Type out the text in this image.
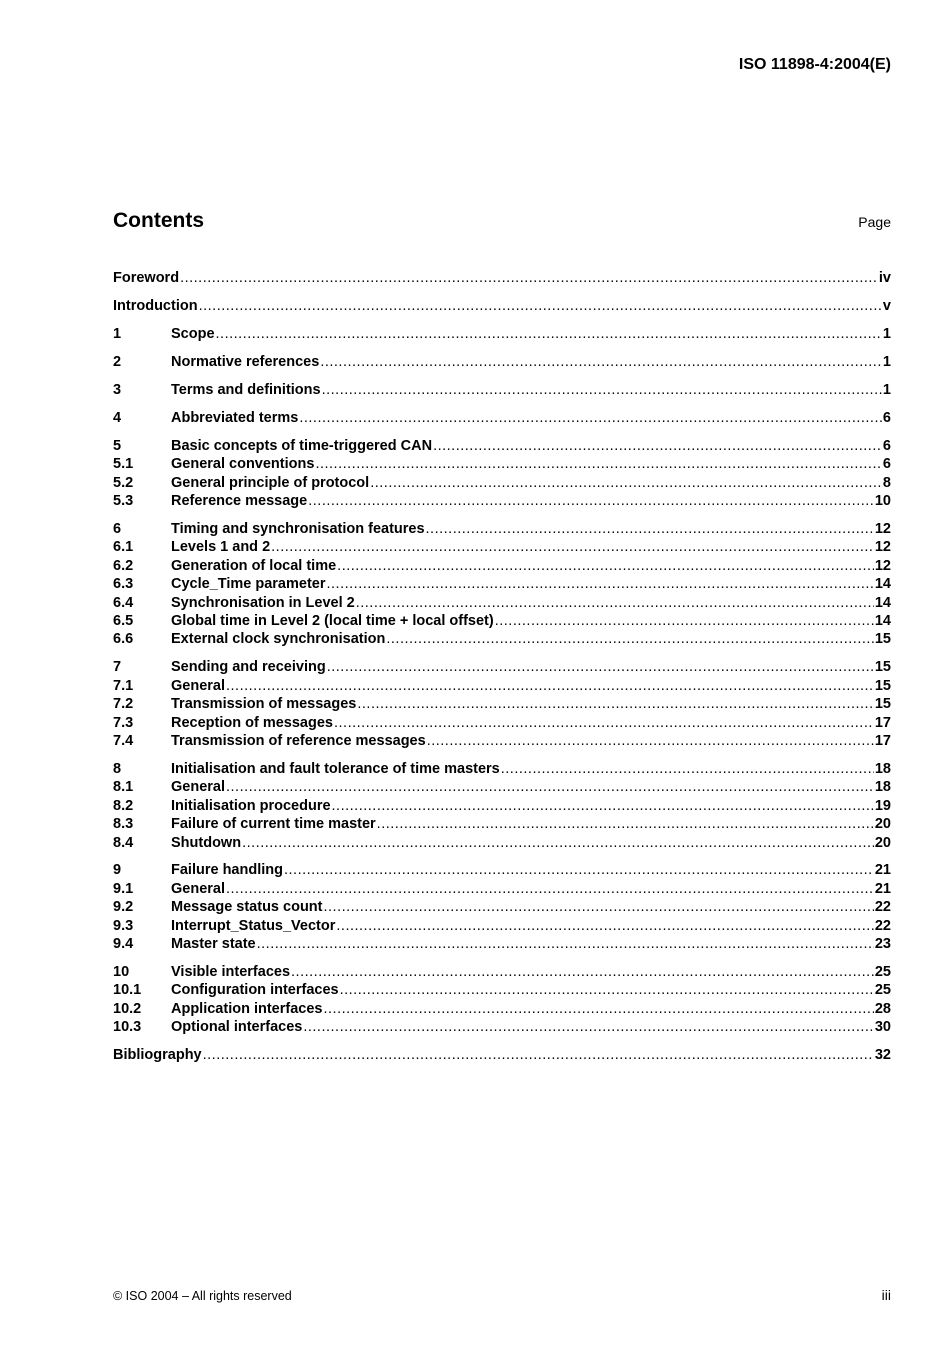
ISO 11898-4:2004(E)
Contents	Page
Foreword .....	iv
Introduction .....	v
1	Scope .....	1
2	Normative references .....	1
3	Terms and definitions .....	1
4	Abbreviated terms .....	6
5	Basic concepts of time-triggered CAN .....	6
5.1	General conventions .....	6
5.2	General principle of protocol .....	8
5.3	Reference message .....	10
6	Timing and synchronisation features .....	12
6.1	Levels 1 and 2 .....	12
6.2	Generation of local time .....	12
6.3	Cycle_Time parameter .....	14
6.4	Synchronisation in Level 2 .....	14
6.5	Global time in Level 2 (local time + local offset) .....	14
6.6	External clock synchronisation .....	15
7	Sending and receiving .....	15
7.1	General .....	15
7.2	Transmission of messages .....	15
7.3	Reception of messages .....	17
7.4	Transmission of reference messages .....	17
8	Initialisation and fault tolerance of time masters .....	18
8.1	General .....	18
8.2	Initialisation procedure .....	19
8.3	Failure of current time master .....	20
8.4	Shutdown .....	20
9	Failure handling .....	21
9.1	General .....	21
9.2	Message status count .....	22
9.3	Interrupt_Status_Vector .....	22
9.4	Master state .....	23
10	Visible interfaces .....	25
10.1	Configuration interfaces .....	25
10.2	Application interfaces .....	28
10.3	Optional interfaces .....	30
Bibliography .....	32
© ISO 2004 – All rights reserved	iii
